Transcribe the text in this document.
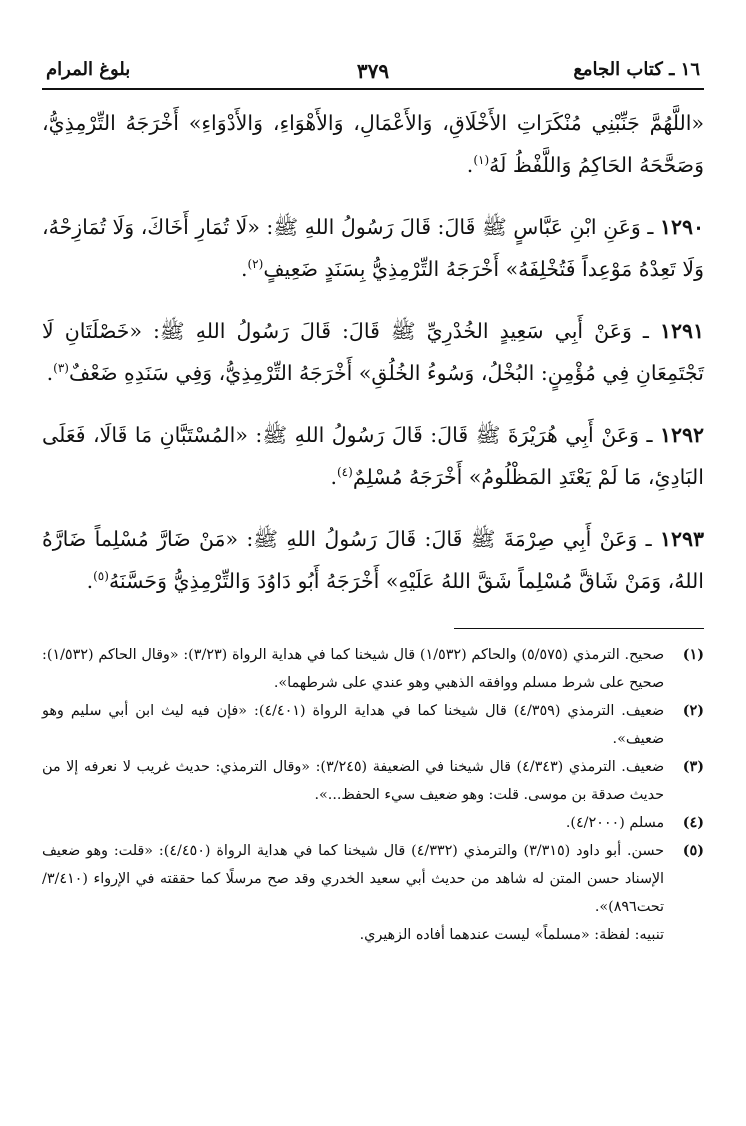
١٦ ـ كتاب الجامع
٣٧٩
بلوغ المرام

«اللَّهُمَّ جَنِّبْنِي مُنْكَرَاتِ الأَخْلَاقِ، وَالأَعْمَالِ، وَالأَهْوَاءِ، وَالأَدْوَاءِ» أَخْرَجَهُ التِّرْمِذِيُّ، وَصَحَّحَهُ الحَاكِمُ وَاللَّفْظُ لَهُ$^{(١)}$.

١٢٩٠ ـ وَعَنِ ابْنِ عَبَّاسٍ ﷺ قَالَ: قَالَ رَسُولُ اللهِ ﷺ: «لَا تُمَارِ أَخَاكَ، وَلَا تُمَازِحْهُ، وَلَا تَعِدْهُ مَوْعِداً فَتُخْلِفَهُ» أَخْرَجَهُ التِّرْمِذِيُّ بِسَنَدٍ ضَعِيفٍ$^{(٢)}$.

١٢٩١ ـ وَعَنْ أَبِي سَعِيدٍ الخُدْرِيِّ ﷺ قَالَ: قَالَ رَسُولُ اللهِ ﷺ: «خَصْلَتَانِ لَا تَجْتَمِعَانِ فِي مُؤْمِنٍ: البُخْلُ، وَسُوءُ الخُلُقِ» أَخْرَجَهُ التِّرْمِذِيُّ، وَفِي سَنَدِهِ ضَعْفٌ$^{(٣)}$.

١٢٩٢ ـ وَعَنْ أَبِي هُرَيْرَةَ ﷺ قَالَ: قَالَ رَسُولُ اللهِ ﷺ: «المُسْتَبَّانِ مَا قَالَا، فَعَلَى البَادِئِ، مَا لَمْ يَعْتَدِ المَظْلُومُ» أَخْرَجَهُ مُسْلِمٌ$^{(٤)}$.

١٢٩٣ ـ وَعَنْ أَبِي صِرْمَةَ ﷺ قَالَ: قَالَ رَسُولُ اللهِ ﷺ: «مَنْ ضَارَّ مُسْلِماً ضَارَّهُ اللهُ، وَمَنْ شَاقَّ مُسْلِماً شَقَّ اللهُ عَلَيْهِ» أَخْرَجَهُ أَبُو دَاوُدَ وَالتِّرْمِذِيُّ وَحَسَّنَهُ$^{(٥)}$.

(١)
صحيح. الترمذي (٥/٥٧٥) والحاكم (١/٥٣٢) قال شيخنا كما في هداية الرواة (٣/٢٣): «وقال الحاكم (١/٥٣٢): صحيح على شرط مسلم ووافقه الذهبي وهو عندي على شرطهما».
(٢)
ضعيف. الترمذي (٤/٣٥٩) قال شيخنا كما في هداية الرواة (٤/٤٠١): «فإن فيه ليث ابن أبي سليم وهو ضعيف».
(٣)
ضعيف. الترمذي (٤/٣٤٣) قال شيخنا في الضعيفة (٣/٢٤٥): «وقال الترمذي: حديث غريب لا نعرفه إلا من حديث صدقة بن موسى. قلت: وهو ضعيف سيء الحفظ...».
(٤)
مسلم (٤/٢٠٠٠).
(٥)
حسن. أبو داود (٣/٣١٥) والترمذي (٤/٣٣٢) قال شيخنا كما في هداية الرواة (٤/٤٥٠): «قلت: وهو ضعيف الإسناد حسن المتن له شاهد من حديث أبي سعيد الخدري وقد صح مرسلًا كما حققته في الإرواء (٣/٤١٠/ تحت٨٩٦)».
تنبيه: لفظة: «مسلماً» ليست عندهما أفاده الزهيري.
